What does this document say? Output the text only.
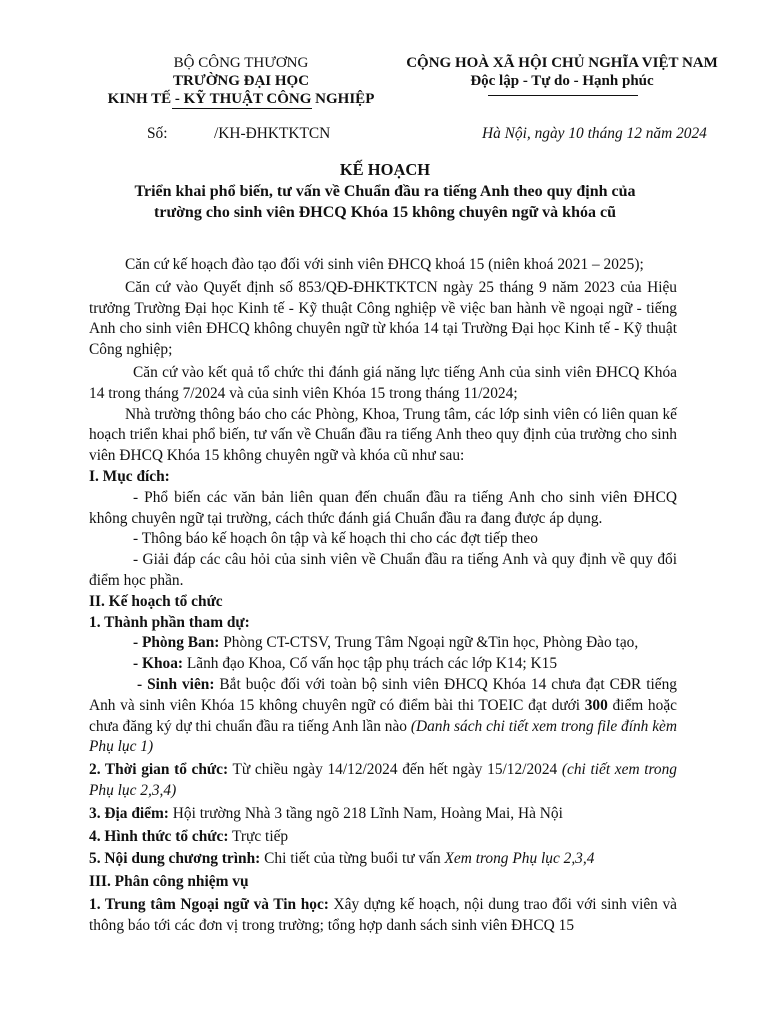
BỘ CÔNG THƯƠNG
TRƯỜNG ĐẠI HỌC
KINH TẾ - KỸ THUẬT CÔNG NGHIỆP
CỘNG HOÀ XÃ HỘI CHỦ NGHĨA VIỆT NAM
Độc lập - Tự do - Hạnh phúc
Số:	/KH-ĐHKTKTCN	Hà Nội, ngày 10 tháng 12 năm 2024
KẾ HOẠCH
Triển khai phổ biến, tư vấn về Chuẩn đầu ra tiếng Anh theo quy định của
trường cho sinh viên ĐHCQ Khóa 15 không chuyên ngữ và khóa cũ

Căn cứ kế hoạch đào tạo đối với sinh viên ĐHCQ khoá 15 (niên khoá 2021 – 2025);

Căn cứ vào Quyết định số 853/QĐ-ĐHKTKTCN ngày 25 tháng 9 năm 2023 của Hiệu trưởng Trường Đại học Kinh tế - Kỹ thuật Công nghiệp về việc ban hành về ngoại ngữ - tiếng Anh cho sinh viên ĐHCQ không chuyên ngữ từ khóa 14 tại Trường Đại học Kinh tế - Kỹ thuật Công nghiệp;

Căn cứ vào kết quả tổ chức thi đánh giá năng lực tiếng Anh của sinh viên ĐHCQ Khóa 14 trong tháng 7/2024 và của sinh viên Khóa 15 trong tháng 11/2024;

Nhà trường thông báo cho các Phòng, Khoa, Trung tâm, các lớp sinh viên có liên quan kế hoạch triển khai phổ biến, tư vấn về Chuẩn đầu ra tiếng Anh theo quy định của trường cho sinh viên ĐHCQ Khóa 15 không chuyên ngữ và khóa cũ như sau:

I. Mục đích:

- Phổ biến các văn bản liên quan đến chuẩn đầu ra tiếng Anh cho sinh viên ĐHCQ không chuyên ngữ tại trường, cách thức đánh giá Chuẩn đầu ra đang được áp dụng.

- Thông báo kế hoạch ôn tập và kế hoạch thi cho các đợt tiếp theo

- Giải đáp các câu hỏi của sinh viên về Chuẩn đầu ra tiếng Anh và quy định về quy đổi điểm học phần.

II. Kế hoạch tổ chức

1. Thành phần tham dự:

- Phòng Ban: Phòng CT-CTSV, Trung Tâm Ngoại ngữ &Tin học, Phòng Đào tạo,

- Khoa: Lãnh đạo Khoa, Cố vấn học tập phụ trách các lớp K14; K15

- Sinh viên: Bắt buộc đối với toàn bộ sinh viên ĐHCQ Khóa 14 chưa đạt CĐR tiếng Anh và sinh viên Khóa 15 không chuyên ngữ có điểm bài thi TOEIC đạt dưới 300 điểm hoặc chưa đăng ký dự thi chuẩn đầu ra tiếng Anh lần nào (Danh sách chi tiết xem trong file đính kèm Phụ lục 1)

2. Thời gian tổ chức: Từ chiều ngày 14/12/2024 đến hết ngày 15/12/2024 (chi tiết xem trong Phụ lục 2,3,4)

3. Địa điểm: Hội trường Nhà 3 tầng ngõ 218 Lĩnh Nam, Hoàng Mai, Hà Nội

4. Hình thức tổ chức: Trực tiếp

5. Nội dung chương trình: Chi tiết của từng buổi tư vấn Xem trong Phụ lục 2,3,4

III. Phân công nhiệm vụ

1. Trung tâm Ngoại ngữ và Tin học: Xây dựng kế hoạch, nội dung trao đổi với sinh viên và thông báo tới các đơn vị trong trường; tổng hợp danh sách sinh viên ĐHCQ 15
